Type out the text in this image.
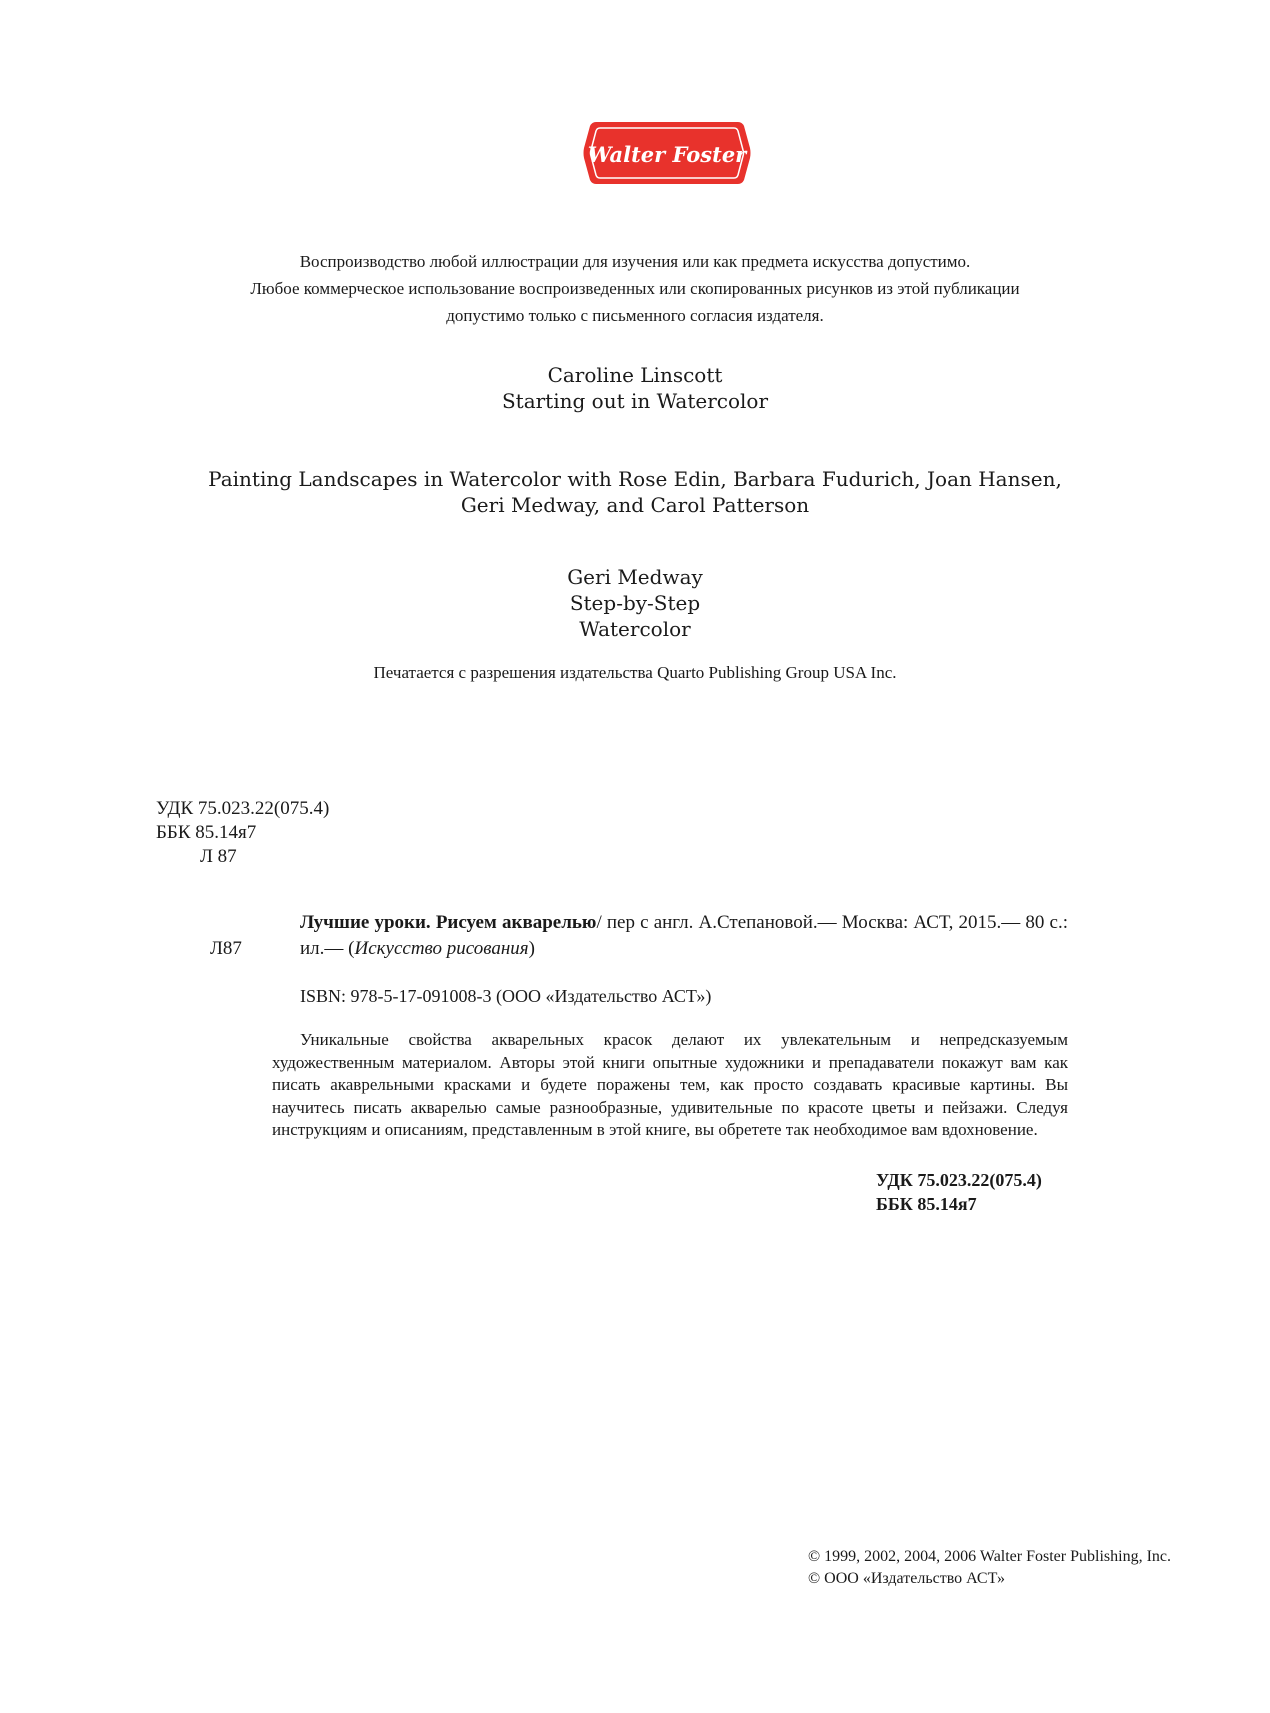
Walter Foster
Воспроизводство любой иллюстрации для изучения или как предмета искусства допустимо.
Любое коммерческое использование воспроизведенных или скопированных рисунков из этой публикации
допустимо только с письменного согласия издателя.
Caroline Linscott
Starting out in Watercolor
Painting Landscapes in Watercolor with Rose Edin, Barbara Fudurich, Joan Hansen,
Geri Medway, and Carol Patterson
Geri Medway
Step-by-Step
Watercolor
Печатается с разрешения издательства Quarto Publishing Group USA Inc.
УДК 75.023.22(075.4)
ББК 85.14я7
Л 87
Л87
Лучшие уроки. Рисуем акварелью/ пер с англ. А.Степановой.— Москва: АСТ, 2015.— 80 с.: ил.— (Искусство рисования)
ISBN: 978-5-17-091008-3 (ООО «Издательство АСТ»)
Уникальные свойства акварельных красок делают их увлекательным и непредсказуемым художественным материалом. Авторы этой книги опытные художники и препадаватели покажут вам как писать акаврельными красками и будете поражены тем, как просто создавать красивые картины. Вы научитесь писать акварелью самые разнообразные, удивительные по красоте цветы и пейзажи. Следуя инструкциям и описаниям, представленным в этой книге, вы обретете так необходимое вам вдохновение.
УДК 75.023.22(075.4)
ББК 85.14я7
© 1999, 2002, 2004, 2006 Walter Foster Publishing, Inc.
© ООО «Издательство АСТ»
